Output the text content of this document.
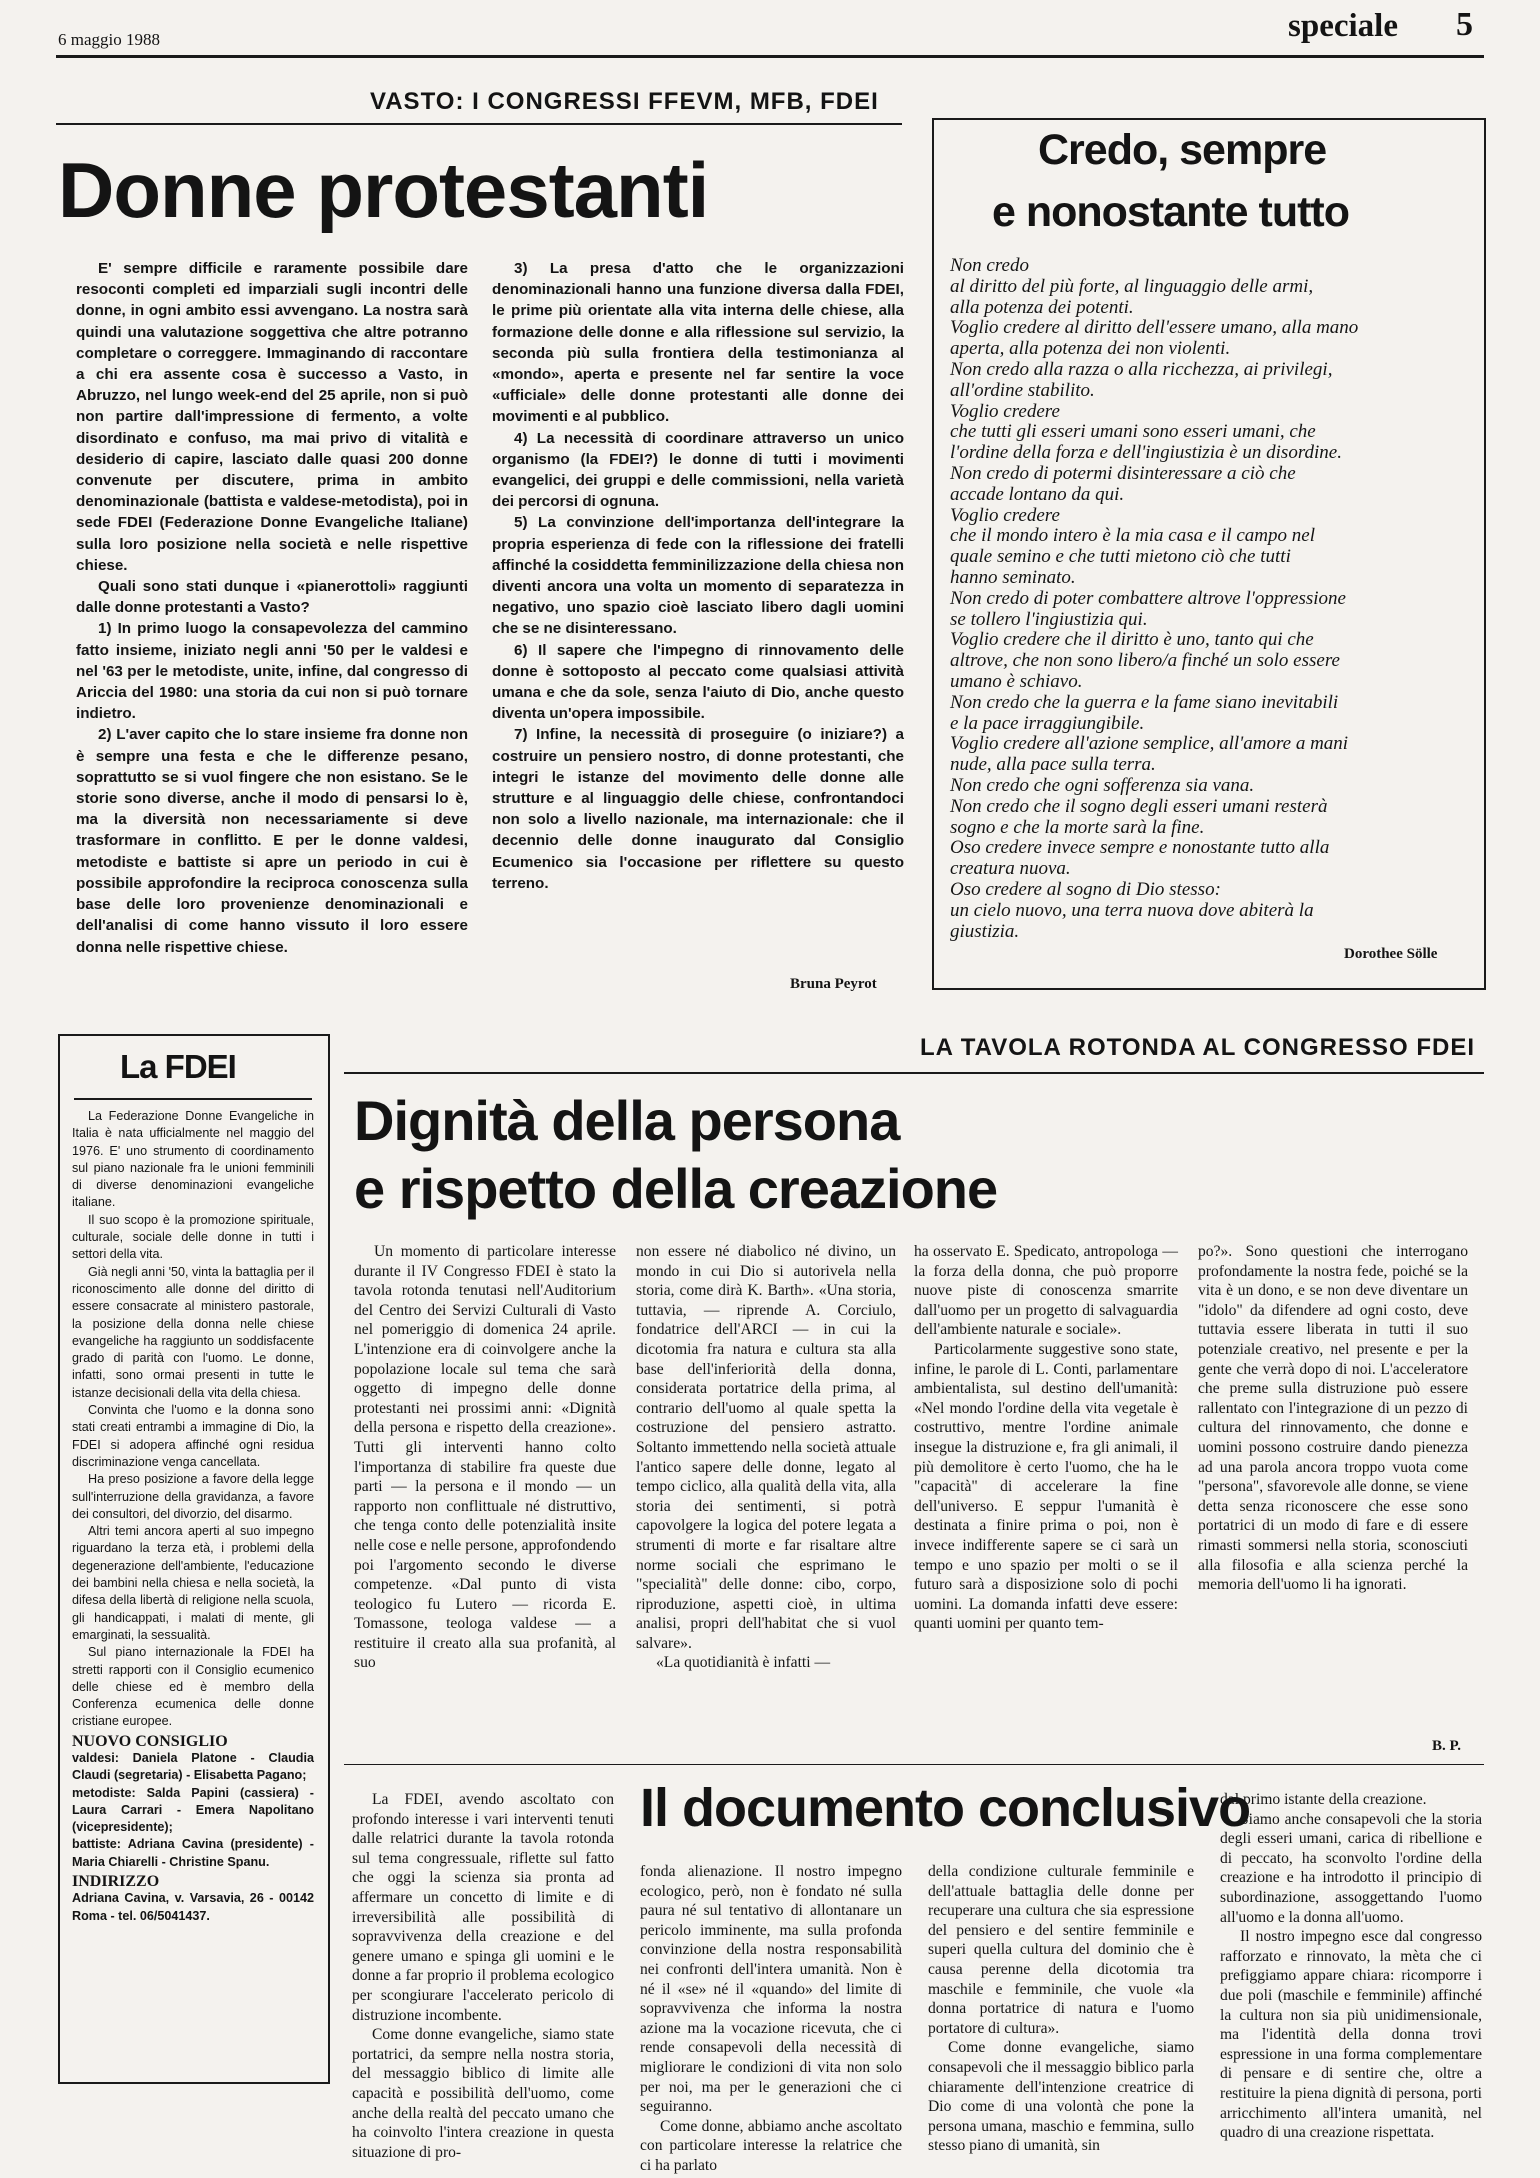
6 maggio 1988	speciale 5
VASTO: I CONGRESSI FFEVM, MFB, FDEI
Donne protestanti

E' sempre difficile e raramente possibile dare resoconti completi ed imparziali sugli incontri delle donne, in ogni ambito essi avvengano. La nostra sarà quindi una valutazione soggettiva che altre potranno completare o correggere. Immaginando di raccontare a chi era assente cosa è successo a Vasto, in Abruzzo, nel lungo week-end del 25 aprile, non si può non partire dall'impressione di fermento, a volte disordinato e confuso, ma mai privo di vitalità e desiderio di capire, lasciato dalle quasi 200 donne convenute per discutere, prima in ambito denominazionale (battista e valdese-metodista), poi in sede FDEI (Federazione Donne Evangeliche Italiane) sulla loro posizione nella società e nelle rispettive chiese.

Quali sono stati dunque i «pianerottoli» raggiunti dalle donne protestanti a Vasto?

1) In primo luogo la consapevolezza del cammino fatto insieme, iniziato negli anni '50 per le valdesi e nel '63 per le metodiste, unite, infine, dal congresso di Ariccia del 1980: una storia da cui non si può tornare indietro.

2) L'aver capito che lo stare insieme fra donne non è sempre una festa e che le differenze pesano, soprattutto se si vuol fingere che non esistano. Se le storie sono diverse, anche il modo di pensarsi lo è, ma la diversità non necessariamente si deve trasformare in conflitto. E per le donne valdesi, metodiste e battiste si apre un periodo in cui è possibile approfondire la reciproca conoscenza sulla base delle loro provenienze denominazionali e dell'analisi di come hanno vissuto il loro essere donna nelle rispettive chiese.

3) La presa d'atto che le organizzazioni denominazionali hanno una funzione diversa dalla FDEI, le prime più orientate alla vita interna delle chiese, alla formazione delle donne e alla riflessione sul servizio, la seconda più sulla frontiera della testimonianza al «mondo», aperta e presente nel far sentire la voce «ufficiale» delle donne protestanti alle donne dei movimenti e al pubblico.

4) La necessità di coordinare attraverso un unico organismo (la FDEI?) le donne di tutti i movimenti evangelici, dei gruppi e delle commissioni, nella varietà dei percorsi di ognuna.

5) La convinzione dell'importanza dell'integrare la propria esperienza di fede con la riflessione dei fratelli affinché la cosiddetta femminilizzazione della chiesa non diventi ancora una volta un momento di separatezza in negativo, uno spazio cioè lasciato libero dagli uomini che se ne disinteressano.

6) Il sapere che l'impegno di rinnovamento delle donne è sottoposto al peccato come qualsiasi attività umana e che da sole, senza l'aiuto di Dio, anche questo diventa un'opera impossibile.

7) Infine, la necessità di proseguire (o iniziare?) a costruire un pensiero nostro, di donne protestanti, che integri le istanze del movimento delle donne alle strutture e al linguaggio delle chiese, confrontandoci non solo a livello nazionale, ma internazionale: che il decennio delle donne inaugurato dal Consiglio Ecumenico sia l'occasione per riflettere su questo terreno.

Bruna Peyrot
Credo, sempre
e nonostante tutto
Non credo
al diritto del più forte, al linguaggio delle armi,
alla potenza dei potenti.
Voglio credere al diritto dell'essere umano, alla mano
aperta, alla potenza dei non violenti.
Non credo alla razza o alla ricchezza, ai privilegi,
all'ordine stabilito.
Voglio credere
che tutti gli esseri umani sono esseri umani, che
l'ordine della forza e dell'ingiustizia è un disordine.
Non credo di potermi disinteressare a ciò che
accade lontano da qui.
Voglio credere
che il mondo intero è la mia casa e il campo nel
quale semino e che tutti mietono ciò che tutti
hanno seminato.
Non credo di poter combattere altrove l'oppressione
se tollero l'ingiustizia qui.
Voglio credere che il diritto è uno, tanto qui che
altrove, che non sono libero/a finché un solo essere
umano è schiavo.
Non credo che la guerra e la fame siano inevitabili
e la pace irraggiungibile.
Voglio credere all'azione semplice, all'amore a mani
nude, alla pace sulla terra.
Non credo che ogni sofferenza sia vana.
Non credo che il sogno degli esseri umani resterà
sogno e che la morte sarà la fine.
Oso credere invece sempre e nonostante tutto alla
creatura nuova.
Oso credere al sogno di Dio stesso:
un cielo nuovo, una terra nuova dove abiterà la
giustizia.
Dorothee Sölle
La FDEI

La Federazione Donne Evangeliche in Italia è nata ufficialmente nel maggio del 1976. E' uno strumento di coordinamento sul piano nazionale fra le unioni femminili di diverse denominazioni evangeliche italiane.

Il suo scopo è la promozione spirituale, culturale, sociale delle donne in tutti i settori della vita.

Già negli anni '50, vinta la battaglia per il riconoscimento alle donne del diritto di essere consacrate al ministero pastorale, la posizione della donna nelle chiese evangeliche ha raggiunto un soddisfacente grado di parità con l'uomo. Le donne, infatti, sono ormai presenti in tutte le istanze decisionali della vita della chiesa.

Convinta che l'uomo e la donna sono stati creati entrambi a immagine di Dio, la FDEI si adopera affinché ogni residua discriminazione venga cancellata.

Ha preso posizione a favore della legge sull'interruzione della gravidanza, a favore dei consultori, del divorzio, del disarmo.

Altri temi ancora aperti al suo impegno riguardano la terza età, i problemi della degenerazione dell'ambiente, l'educazione dei bambini nella chiesa e nella società, la difesa della libertà di religione nella scuola, gli handicappati, i malati di mente, gli emarginati, la sessualità.

Sul piano internazionale la FDEI ha stretti rapporti con il Consiglio ecumenico delle chiese ed è membro della Conferenza ecumenica delle donne cristiane europee.

NUOVO CONSIGLIO

valdesi: Daniela Platone - Claudia Claudi (segretaria) - Elisabetta Pagano;

metodiste: Salda Papini (cassiera) - Laura Carrari - Emera Napolitano (vicepresidente);

battiste: Adriana Cavina (presidente) - Maria Chiarelli - Christine Spanu.

INDIRIZZO

Adriana Cavina, v. Varsavia, 26 - 00142 Roma - tel. 06/5041437.

LA TAVOLA ROTONDA AL CONGRESSO FDEI
Dignità della persona
e rispetto della creazione

Un momento di particolare interesse durante il IV Congresso FDEI è stato la tavola rotonda tenutasi nell'Auditorium del Centro dei Servizi Culturali di Vasto nel pomeriggio di domenica 24 aprile. L'intenzione era di coinvolgere anche la popolazione locale sul tema che sarà oggetto di impegno delle donne protestanti nei prossimi anni: «Dignità della persona e rispetto della creazione». Tutti gli interventi hanno colto l'importanza di stabilire fra queste due parti — la persona e il mondo — un rapporto non conflittuale né distruttivo, che tenga conto delle potenzialità insite nelle cose e nelle persone, approfondendo poi l'argomento secondo le diverse competenze. «Dal punto di vista teologico fu Lutero — ricorda E. Tomassone, teologa valdese — a restituire il creato alla sua profanità, al suo

non essere né diabolico né divino, un mondo in cui Dio si autorivela nella storia, come dirà K. Barth». «Una storia, tuttavia, — riprende A. Corciulo, fondatrice dell'ARCI — in cui la dicotomia fra natura e cultura sta alla base dell'inferiorità della donna, considerata portatrice della prima, al contrario dell'uomo al quale spetta la costruzione del pensiero astratto. Soltanto immettendo nella società attuale l'antico sapere delle donne, legato al tempo ciclico, alla qualità della vita, alla storia dei sentimenti, si potrà capovolgere la logica del potere legata a strumenti di morte e far risaltare altre norme sociali che esprimano le "specialità" delle donne: cibo, corpo, riproduzione, aspetti cioè, in ultima analisi, propri dell'habitat che si vuol salvare».

«La quotidianità è infatti —

ha osservato E. Spedicato, antropologa — la forza della donna, che può proporre nuove piste di conoscenza smarrite dall'uomo per un progetto di salvaguardia dell'ambiente naturale e sociale».

Particolarmente suggestive sono state, infine, le parole di L. Conti, parlamentare ambientalista, sul destino dell'umanità: «Nel mondo l'ordine della vita vegetale è costruttivo, mentre l'ordine animale insegue la distruzione e, fra gli animali, il più demolitore è certo l'uomo, che ha le "capacità" di accelerare la fine dell'universo. E seppur l'umanità è destinata a finire prima o poi, non è invece indifferente sapere se ci sarà un tempo e uno spazio per molti o se il futuro sarà a disposizione solo di pochi uomini. La domanda infatti deve essere: quanti uomini per quanto tem-

po?». Sono questioni che interrogano profondamente la nostra fede, poiché se la vita è un dono, e se non deve diventare un "idolo" da difendere ad ogni costo, deve tuttavia essere liberata in tutti il suo potenziale creativo, nel presente e per la gente che verrà dopo di noi. L'acceleratore che preme sulla distruzione può essere rallentato con l'integrazione di un pezzo di cultura del rinnovamento, che donne e uomini possono costruire dando pienezza ad una parola ancora troppo vuota come "persona", sfavorevole alle donne, se viene detta senza riconoscere che esse sono portatrici di un modo di fare e di essere rimasti sommersi nella storia, sconosciuti alla filosofia e alla scienza perché la memoria dell'uomo li ha ignorati.

B. P.
Il documento conclusivo

La FDEI, avendo ascoltato con profondo interesse i vari interventi tenuti dalle relatrici durante la tavola rotonda sul tema congressuale, riflette sul fatto che oggi la scienza sia pronta ad affermare un concetto di limite e di irreversibilità alle possibilità di sopravvivenza della creazione e del genere umano e spinga gli uomini e le donne a far proprio il problema ecologico per scongiurare l'accelerato pericolo di distruzione incombente.

Come donne evangeliche, siamo state portatrici, da sempre nella nostra storia, del messaggio biblico di limite alle capacità e possibilità dell'uomo, come anche della realtà del peccato umano che ha coinvolto l'intera creazione in questa situazione di pro-

fonda alienazione. Il nostro impegno ecologico, però, non è fondato né sulla paura né sul tentativo di allontanare un pericolo imminente, ma sulla profonda convinzione della nostra responsabilità nei confronti dell'intera umanità. Non è né il «se» né il «quando» del limite di sopravvivenza che informa la nostra azione ma la vocazione ricevuta, che ci rende consapevoli della necessità di migliorare le condizioni di vita non solo per noi, ma per le generazioni che ci seguiranno.

Come donne, abbiamo anche ascoltato con particolare interesse la relatrice che ci ha parlato

della condizione culturale femminile e dell'attuale battaglia delle donne per recuperare una cultura che sia espressione del pensiero e del sentire femminile e superi quella cultura del dominio che è causa perenne della dicotomia tra maschile e femminile, che vuole «la donna portatrice di natura e l'uomo portatore di cultura».

Come donne evangeliche, siamo consapevoli che il messaggio biblico parla chiaramente dell'intenzione creatrice di Dio come di una volontà che pone la persona umana, maschio e femmina, sullo stesso piano di umanità, sin

dal primo istante della creazione.

Siamo anche consapevoli che la storia degli esseri umani, carica di ribellione e di peccato, ha sconvolto l'ordine della creazione e ha introdotto il principio di subordinazione, assoggettando l'uomo all'uomo e la donna all'uomo.

Il nostro impegno esce dal congresso rafforzato e rinnovato, la mèta che ci prefiggiamo appare chiara: ricomporre i due poli (maschile e femminile) affinché la cultura non sia più unidimensionale, ma l'identità della donna trovi espressione in una forma complementare di pensare e di sentire che, oltre a restituire la piena dignità di persona, porti arricchimento all'intera umanità, nel quadro di una creazione rispettata.
